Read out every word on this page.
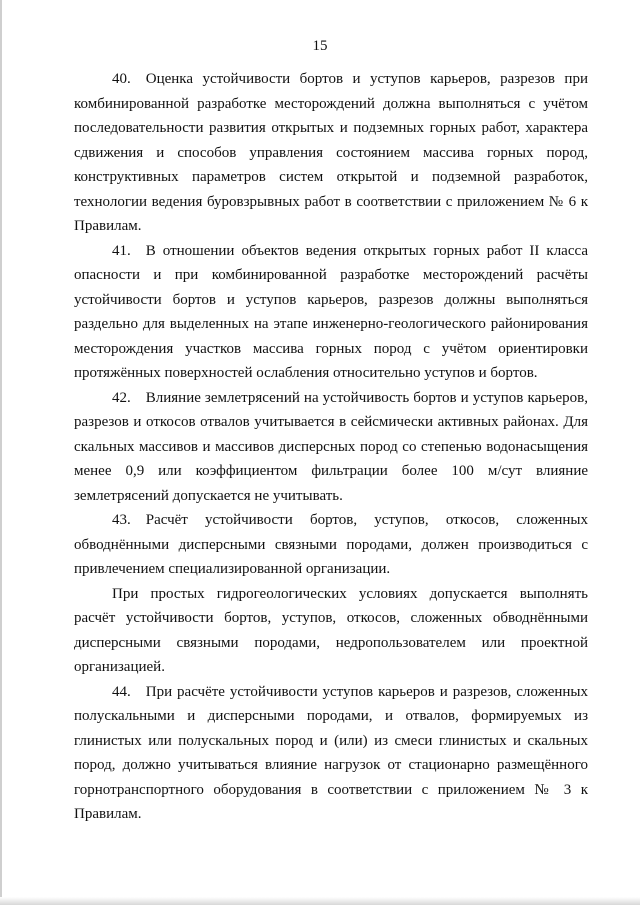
15

40. Оценка устойчивости бортов и уступов карьеров, разрезов при комбинированной разработке месторождений должна выполняться с учётом последовательности развития открытых и подземных горных работ, характера сдвижения и способов управления состоянием массива горных пород, конструктивных параметров систем открытой и подземной разработок, технологии ведения буровзрывных работ в соответствии с приложением № 6 к Правилам.

41. В отношении объектов ведения открытых горных работ II класса опасности и при комбинированной разработке месторождений расчёты устойчивости бортов и уступов карьеров, разрезов должны выполняться раздельно для выделенных на этапе инженерно-геологического районирования месторождения участков массива горных пород с учётом ориентировки протяжённых поверхностей ослабления относительно уступов и бортов.

42. Влияние землетрясений на устойчивость бортов и уступов карьеров, разрезов и откосов отвалов учитывается в сейсмически активных районах. Для скальных массивов и массивов дисперсных пород со степенью водонасыщения менее 0,9 или коэффициентом фильтрации более 100 м/сут влияние землетрясений допускается не учитывать.

43. Расчёт устойчивости бортов, уступов, откосов, сложенных обводнёнными дисперсными связными породами, должен производиться с привлечением специализированной организации.

При простых гидрогеологических условиях допускается выполнять расчёт устойчивости бортов, уступов, откосов, сложенных обводнёнными дисперсными связными породами, недропользователем или проектной организацией.

44. При расчёте устойчивости уступов карьеров и разрезов, сложенных полускальными и дисперсными породами, и отвалов, формируемых из глинистых или полускальных пород и (или) из смеси глинистых и скальных пород, должно учитываться влияние нагрузок от стационарно размещённого горнотранспортного оборудования в соответствии с приложением № 3 к Правилам.
